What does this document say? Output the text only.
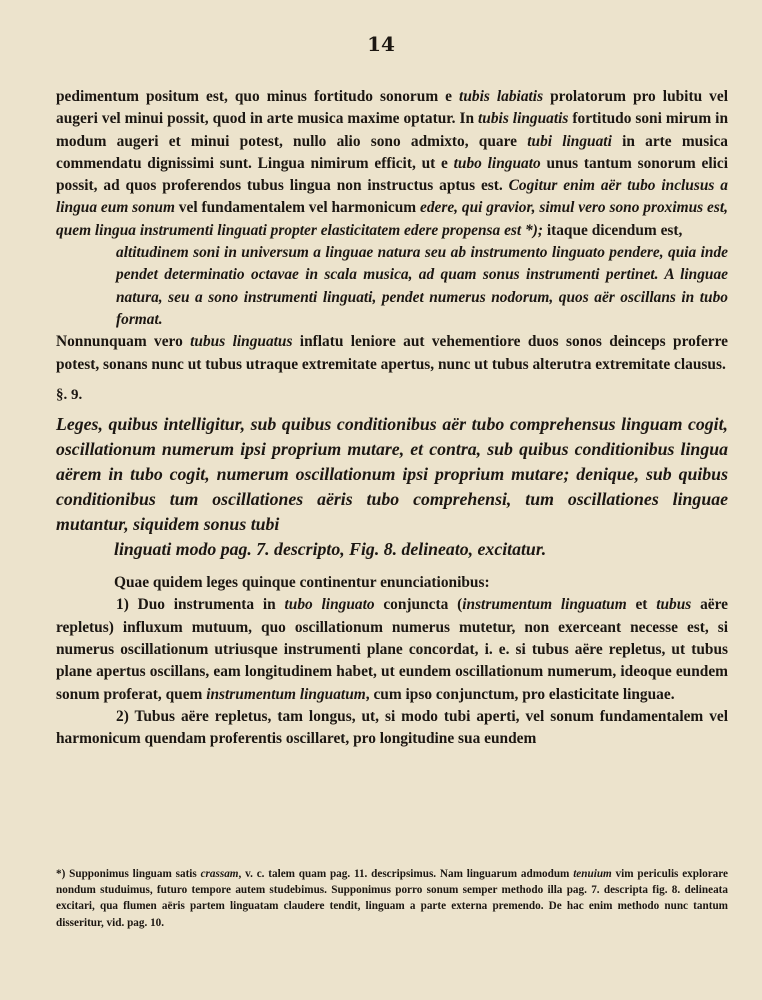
14

pedimentum positum est, quo minus fortitudo sonorum e tubis labiatis prolatorum pro lubitu vel augeri vel minui possit, quod in arte musica maxime optatur. In tubis linguatis fortitudo soni mirum in modum augeri et minui potest, nullo alio sono admixto, quare tubi linguati in arte musica commendatu dignissimi sunt. Lingua nimirum efficit, ut e tubo linguato unus tantum sonorum elici possit, ad quos proferendos tubus lingua non instructus aptus est. Cogitur enim aër tubo inclusus a lingua eum sonum vel fundamentalem vel harmonicum edere, qui gravior, simul vero sono proximus est, quem lingua instrumenti linguati propter elasticitatem edere propensa est *); itaque dicendum est,

altitudinem soni in universum a linguae natura seu ab instrumento linguato pendere, quia inde pendet determinatio octavae in scala musica, ad quam sonus instrumenti pertinet. A linguae natura, seu a sono instrumenti linguati, pendet numerus nodorum, quos aër oscillans in tubo format.

Nonnunquam vero tubus linguatus inflatu leniore aut vehementiore duos sonos deinceps proferre potest, sonans nunc ut tubus utraque extremitate apertus, nunc ut tubus alterutra extremitate clausus.

§. 9.

Leges, quibus intelligitur, sub quibus conditionibus aër tubo comprehensus linguam cogit, oscillationum numerum ipsi proprium mutare, et contra, sub quibus conditionibus lingua aërem in tubo cogit, numerum oscillationum ipsi proprium mutare; denique, sub quibus conditionibus tum oscillationes aëris tubo comprehensi, tum oscillationes linguae mutantur, siquidem sonus tubi
linguati modo pag. 7. descripto, Fig. 8. delineato, excitatur.

Quae quidem leges quinque continentur enunciationibus:

1) Duo instrumenta in tubo linguato conjuncta (instrumentum linguatum et tubus aëre repletus) influxum mutuum, quo oscillationum numerus mutetur, non exerceant necesse est, si numerus oscillationum utriusque instrumenti plane concordat, i. e. si tubus aëre repletus, ut tubus plane apertus oscillans, eam longitudinem habet, ut eundem oscillationum numerum, ideoque eundem sonum proferat, quem instrumentum linguatum, cum ipso conjunctum, pro elasticitate linguae.

2) Tubus aëre repletus, tam longus, ut, si modo tubi aperti, vel sonum fundamentalem vel harmonicum quendam proferentis oscillaret, pro longitudine sua eundem

*) Supponimus linguam satis crassam, v. c. talem quam pag. 11. descripsimus. Nam linguarum admodum tenuium vim periculis explorare nondum studuimus, futuro tempore autem studebimus. Supponimus porro sonum semper methodo illa pag. 7. descripta fig. 8. delineata excitari, qua flumen aëris partem linguatam claudere tendit, linguam a parte externa premendo. De hac enim methodo nunc tantum disseritur, vid. pag. 10.
